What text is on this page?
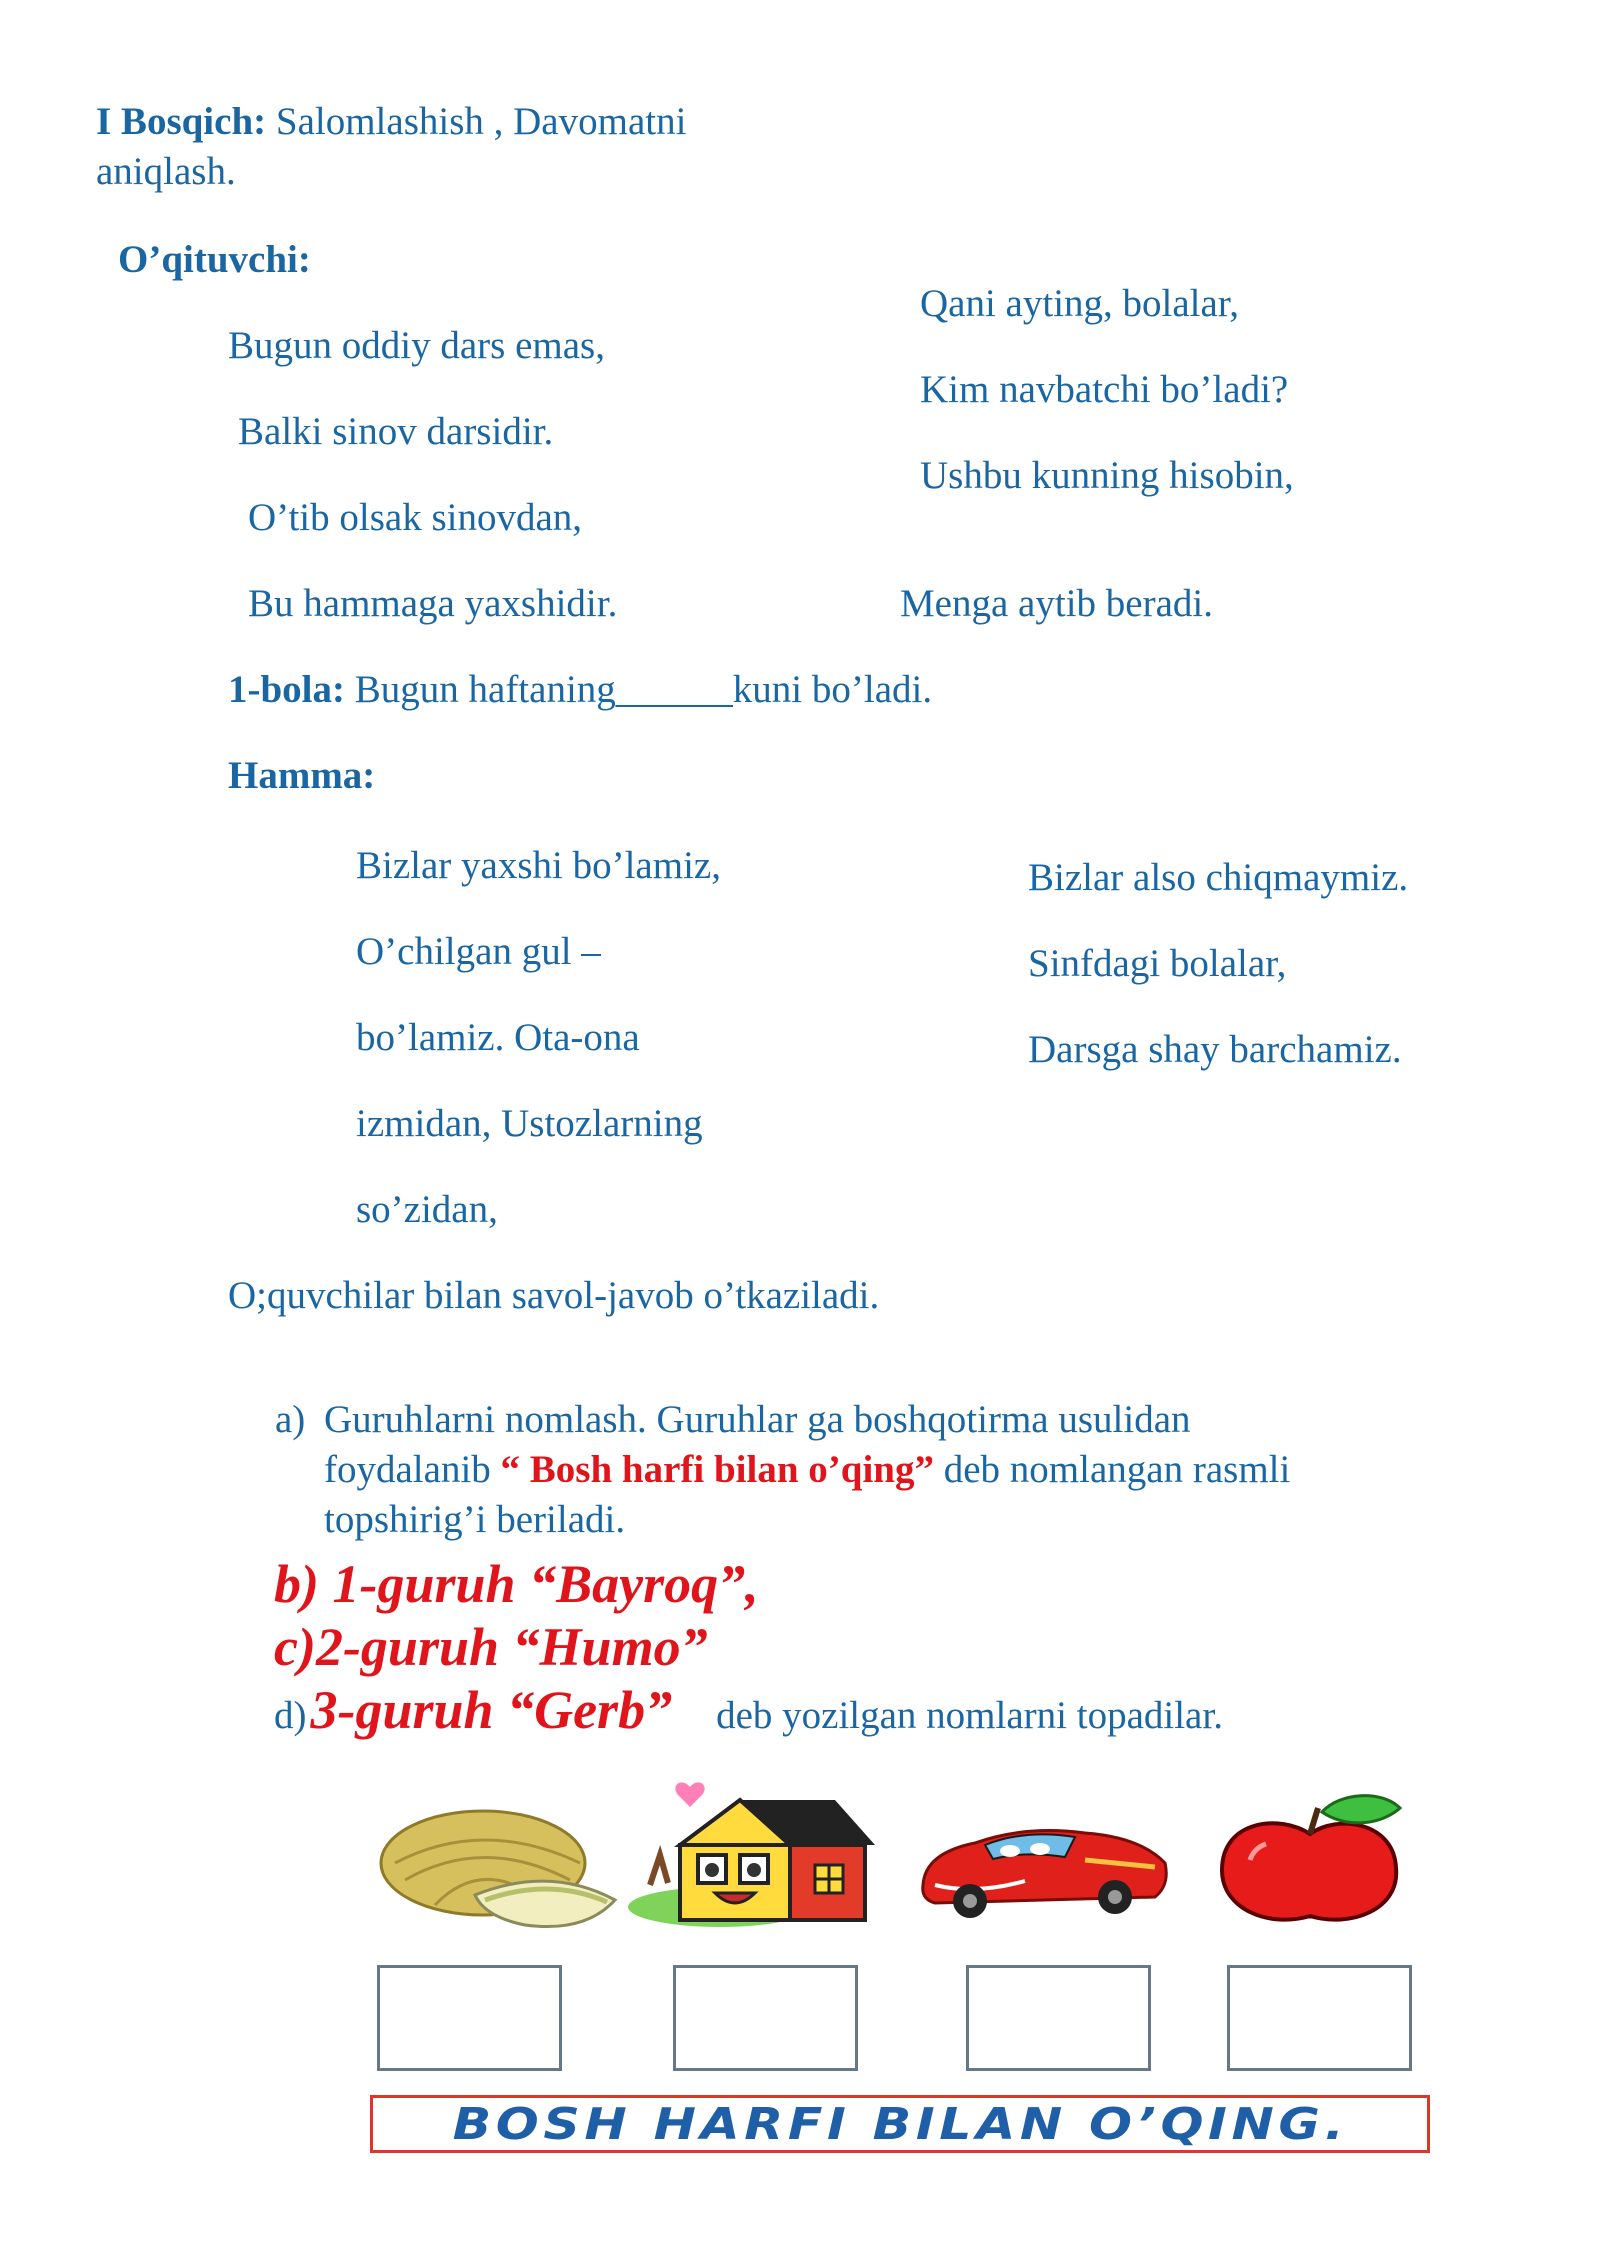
I Bosqich: Salomlashish , Davomatni
aniqlash.
O’qituvchi:
Bugun oddiy dars emas,
Balki sinov darsidir.
O’tib olsak sinovdan,
Bu hammaga yaxshidir.
Qani ayting, bolalar,
Kim navbatchi bo’ladi?
Ushbu kunning hisobin,
Menga aytib beradi.
1-bola: Bugun haftaning______kuni bo’ladi.
Hamma:
Bizlar yaxshi bo’lamiz,
O’chilgan gul –
bo’lamiz. Ota-ona
izmidan, Ustozlarning
so’zidan,
Bizlar also chiqmaymiz.
Sinfdagi bolalar,
Darsga shay barchamiz.
O;quvchilar bilan savol-javob o’tkaziladi.
a) Guruhlarni nomlash. Guruhlar ga boshqotirma usulidan
foydalanib “ Bosh harfi bilan o’qing” deb nomlangan rasmli
topshirig’i beriladi.
b) 1-guruh “Bayroq”,
c)2-guruh “Humo”
d) 3-guruh “Gerb” deb yozilgan nomlarni topadilar.
BOSH HARFI BILAN O’QING.
